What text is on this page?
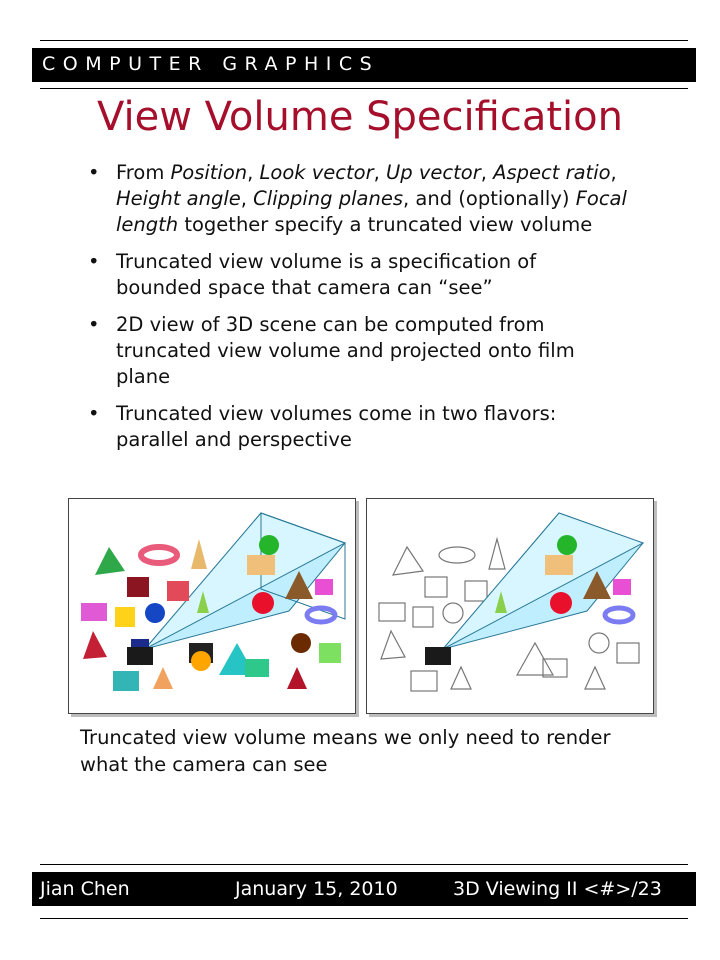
COMPUTER GRAPHICS
View Volume Specification
• From Position, Look vector, Up vector, Aspect ratio, Height angle, Clipping planes, and (optionally) Focal length together specify a truncated view volume
• Truncated view volume is a specification of bounded space that camera can “see”
• 2D view of 3D scene can be computed from truncated view volume and projected onto film plane
• Truncated view volumes come in two flavors: parallel and perspective
Truncated view volume means we only need to render what the camera can see
Jian Chen	January 15, 2010	3D Viewing II <#>/23
